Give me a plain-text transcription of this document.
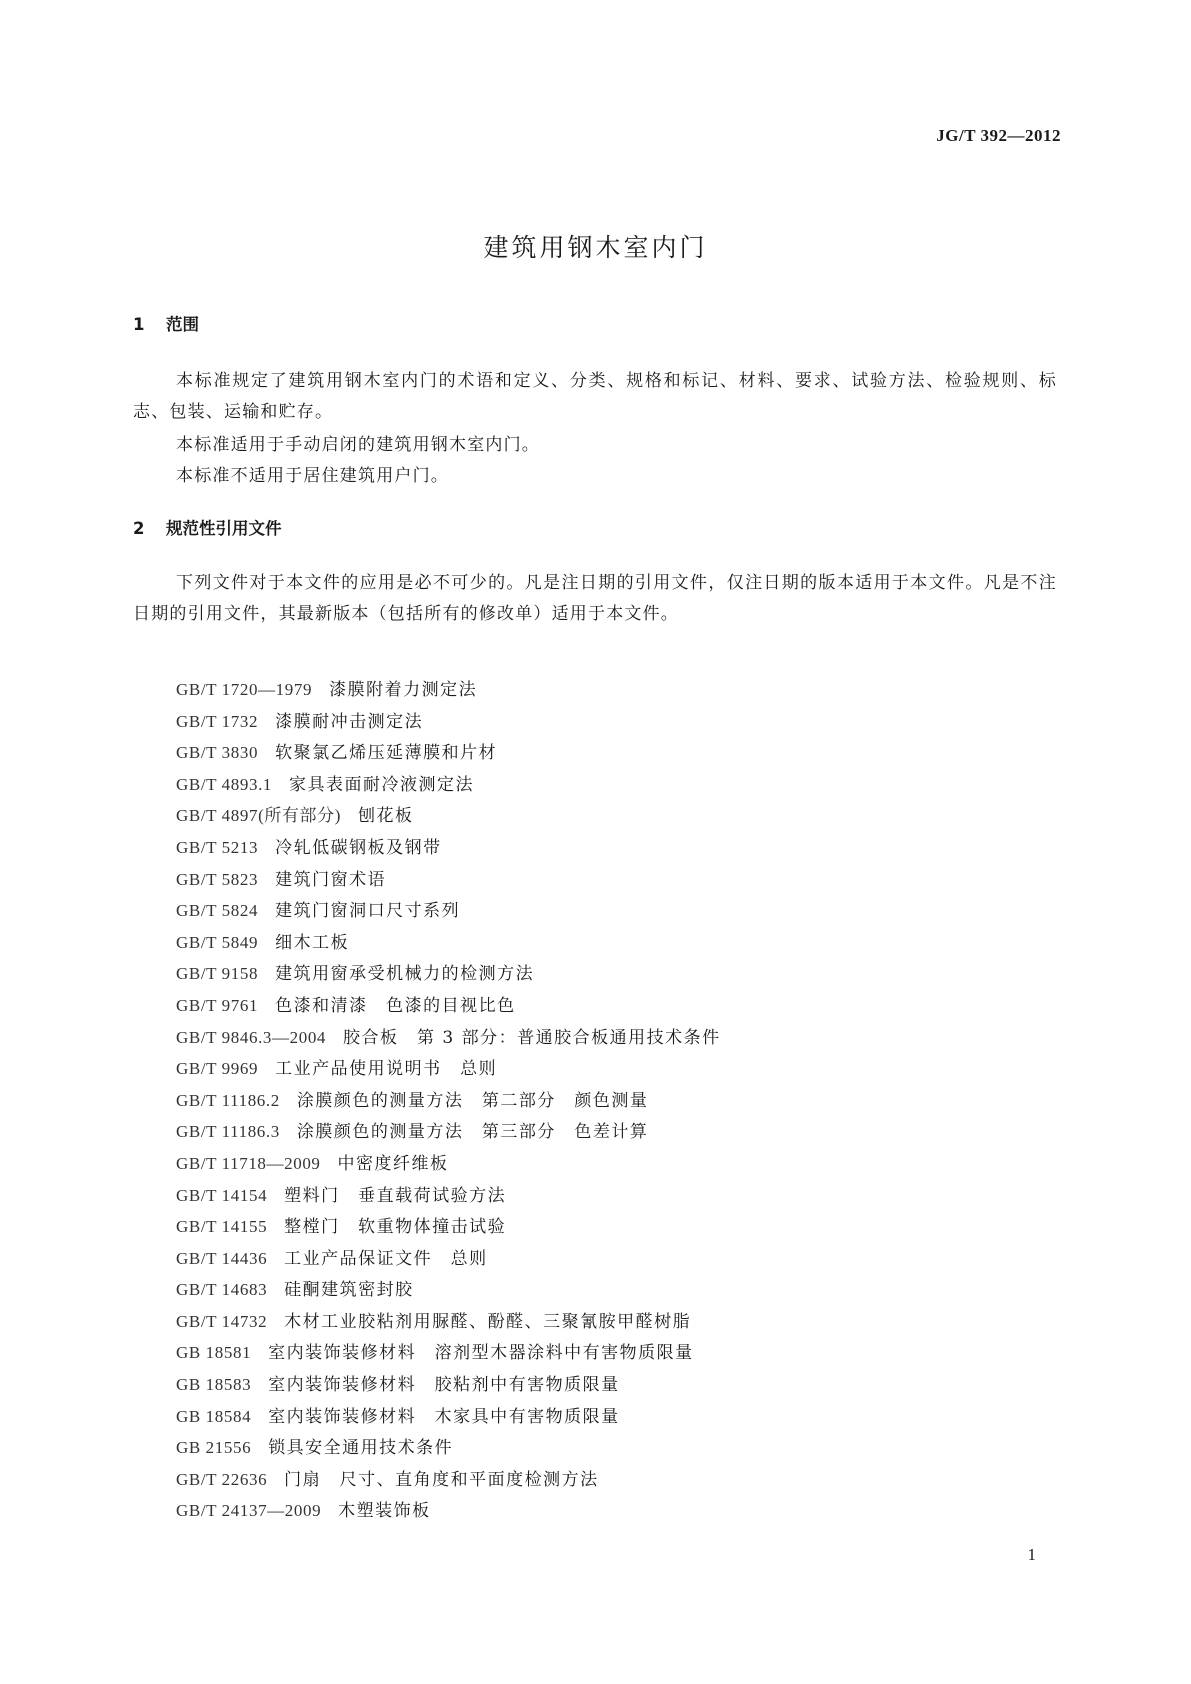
JG/T 392—2012
建筑用钢木室内门
1 范围
本标准规定了建筑用钢木室内门的术语和定义、分类、规格和标记、材料、要求、试验方法、检验规则、标志、包装、运输和贮存。
本标准适用于手动启闭的建筑用钢木室内门。
本标准不适用于居住建筑用户门。
2 规范性引用文件
下列文件对于本文件的应用是必不可少的。凡是注日期的引用文件，仅注日期的版本适用于本文件。凡是不注日期的引用文件，其最新版本（包括所有的修改单）适用于本文件。
GB/T 1720—1979　 漆膜附着力测定法
GB/T 1732　 漆膜耐冲击测定法
GB/T 3830　 软聚氯乙烯压延薄膜和片材
GB/T 4893.1　 家具表面耐冷液测定法
GB/T 4897(所有部分)　 刨花板
GB/T 5213　 冷轧低碳钢板及钢带
GB/T 5823　 建筑门窗术语
GB/T 5824　 建筑门窗洞口尺寸系列
GB/T 5849　 细木工板
GB/T 9158　 建筑用窗承受机械力的检测方法
GB/T 9761　 色漆和清漆　色漆的目视比色
GB/T 9846.3—2004　 胶合板　第 3 部分：普通胶合板通用技术条件
GB/T 9969　 工业产品使用说明书　总则
GB/T 11186.2　 涂膜颜色的测量方法　第二部分　颜色测量
GB/T 11186.3　 涂膜颜色的测量方法　第三部分　色差计算
GB/T 11718—2009　 中密度纤维板
GB/T 14154　 塑料门　垂直载荷试验方法
GB/T 14155　 整樘门　软重物体撞击试验
GB/T 14436　 工业产品保证文件　总则
GB/T 14683　 硅酮建筑密封胶
GB/T 14732　 木材工业胶粘剂用脲醛、酚醛、三聚氰胺甲醛树脂
GB 18581　 室内装饰装修材料　溶剂型木器涂料中有害物质限量
GB 18583　 室内装饰装修材料　胶粘剂中有害物质限量
GB 18584　 室内装饰装修材料　木家具中有害物质限量
GB 21556　 锁具安全通用技术条件
GB/T 22636　 门扇　尺寸、直角度和平面度检测方法
GB/T 24137—2009　 木塑装饰板
1
